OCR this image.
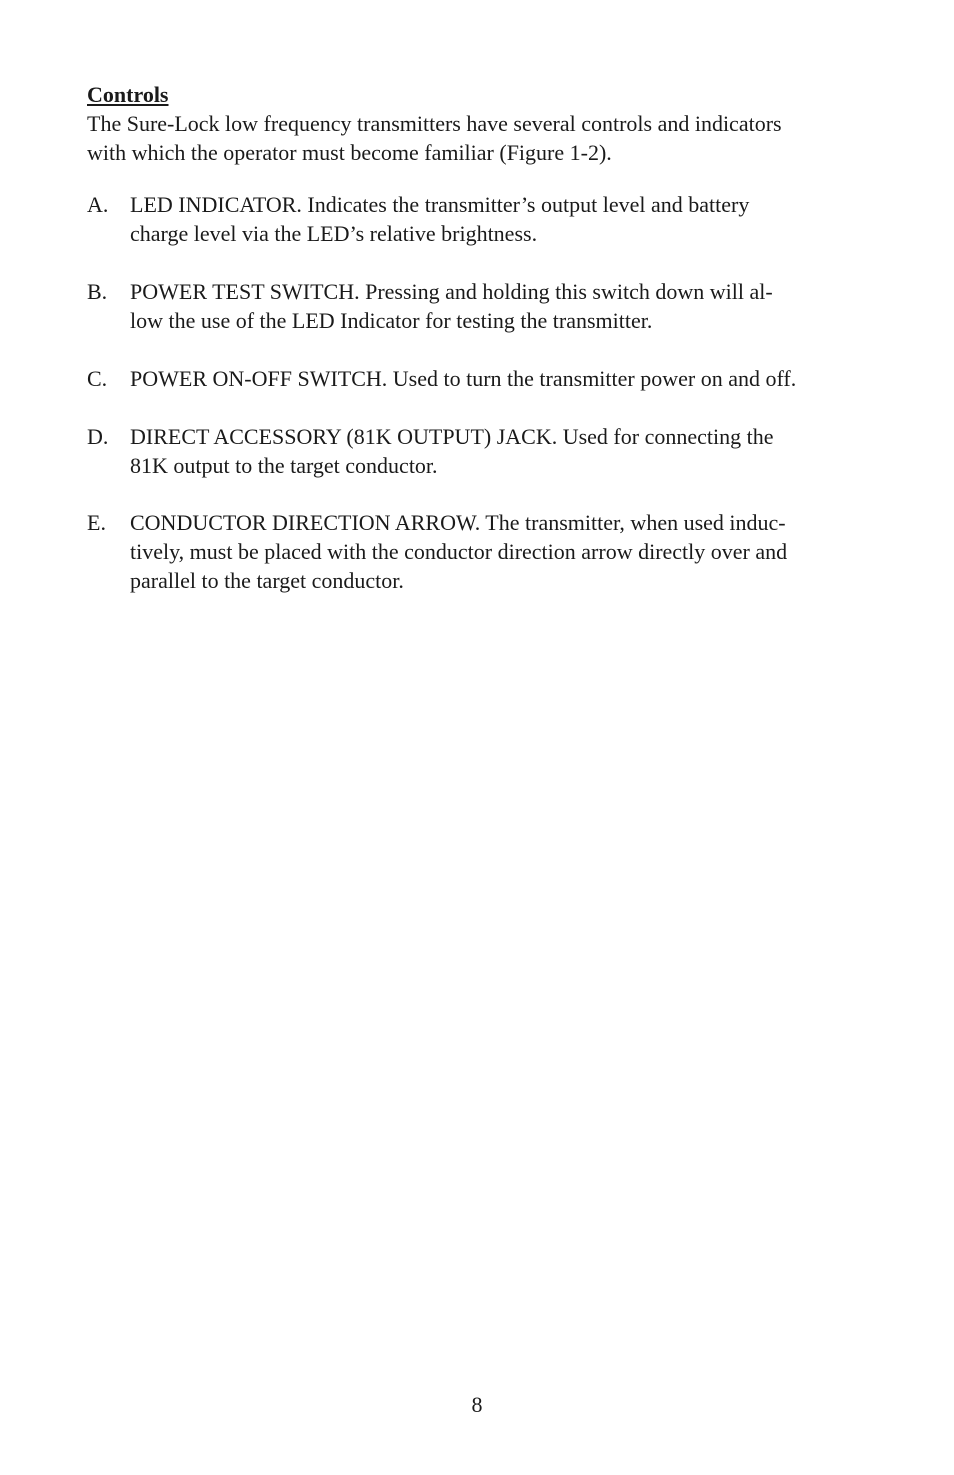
Controls
The Sure-Lock low frequency transmitters have several controls and indicators
with which the operator must become familiar (Figure 1-2).
A. LED INDICATOR. Indicates the transmitter’s output level and battery
charge level via the LED’s relative brightness.
B.	POWER TEST SWITCH. Pressing and holding this switch down will al-
low the use of the LED Indicator for testing the transmitter.
C.	POWER ON-OFF SWITCH. Used to turn the transmitter power on and off.
D. DIRECT ACCESSORY (81K OUTPUT) JACK. Used for connecting the
81K output to the target conductor.
E.	CONDUCTOR DIRECTION ARROW. The transmitter, when used induc-
tively, must be placed with the conductor direction arrow directly over and
parallel to the target conductor.
8
